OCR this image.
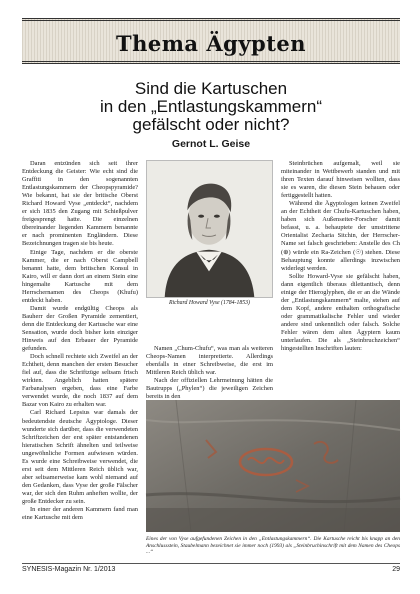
Thema Ägypten
Sind die Kartuschen
in den „Entlastungskammern“
gefälscht oder nicht?
Gernot L. Geise

Daran entzünden sich seit ihrer Entdeckung die Geister: Wie echt sind die Graffiti in den sogenannten Entlastungskammern der Cheopspyramide? Wie bekannt, hat sie der britische Oberst Richard Howard Vyse „entdeckt“, nachdem er sich 1835 den Zugang mit Schießpulver freigesprengt hatte. Die einzelnen übereinander liegenden Kammern benannte er nach prominenten Engländern. Diese Bezeichnungen tragen sie bis heute.

Einige Tage, nachdem er die oberste Kammer, die er nach Oberst Campbell benannt hatte, dem britischen Konsul in Kairo, will er dann dort an einem Stein eine hingemalte Kartusche mit dem Herrschernamen des Cheops (Khufu) entdeckt haben.

Damit wurde endgültig Cheops als Bauherr der Großen Pyramide zementiert, denn die Entdeckung der Kartusche war eine Sensation, wurde doch bisher kein einziger Hinweis auf den Erbauer der Pyramide gefunden.

Doch schnell rechtete sich Zweifel an der Echtheit, denn manchen der ersten Besucher fiel auf, dass die Schriftzüge seltsam frisch wirkten. Angeblich hatten spätere Farbanalysen ergeben, dass eine Farbe verwendet wurde, die noch 1837 auf dem Bazar von Kairo zu erhalten war.

Carl Richard Lepsius war damals der bedeutendste deutsche Ägyptologe. Dieser wunderte sich darüber, dass die verwendeten Schriftzeichen der erst später entstandenen hieratischen Schrift ähnelten und teilweise ungewöhnliche Formen aufwiesen würden. Es wurde eine Schreibweise verwendet, die erst seit dem Mittleren Reich üblich war, aber seltsamerweise kam wohl niemand auf den Gedanken, dass Vyse der große Fälscher war, der sich den Ruhm anheften wollte, der große Entdecker zu sein.

In einer der anderen Kammern fand man eine Kartusche mit dem

Richard Howard Vyse (1784-1853)

Namen „Chum-Chufu“, was man als weiteren Cheops-Namen interpretierte. Allerdings ebenfalls in einer Schreibweise, die erst im Mittleren Reich üblich war.

Nach der offiziellen Lehrmeinung hätten die Bautrupps („Phylen“) die jeweiligen Zeichen bereits in den

Steinbrüchen aufgemalt, weil sie miteinander in Wettbewerb standen und mit ihren Texten darauf hinweisen wollten, dass sie es waren, die diesen Stein behauen oder fertiggestellt hatten.

Während die Ägyptologen keinen Zweifel an der Echtheit der Chufu-Kartuschen haben, haben sich Außenseiter-Forscher damit befasst, u. a. behauptete der umstrittene Orientalist Zecharia Sitchin, der Herrscher-Name sei falsch geschrieben: Anstelle des Ch (⊕) würde ein Ra-Zeichen (☉) stehen. Diese Behauptung konnte allerdings inzwischen widerlegt werden.

Sollte Howard-Vyse sie gefälscht haben, dann eigentlich überaus dilettantisch, denn einige der Hieroglyphen, die er an die Wände der „Entlastungskammern“ malte, stehen auf dem Kopf, andere enthalten orthografische oder grammatikalische Fehler und wieder andere sind unkenntlich oder falsch. Solche Fehler wären dem alten Ägyptern kaum unterlaufen. Die als „Steinbruchzeichen“ hingestellten Inschriften lauten:

Eines der von Vyse aufgefundenen Zeichen in den „Entlastungskammern“. Die Kartusche reicht bis knapp an den Anschlussstein, Staubelmann bezeichnet sie immer noch (1993) als „Steinbruchinschrift mit dem Namen des Cheops ...“
SYNESIS-Magazin Nr. 1/2013	29
